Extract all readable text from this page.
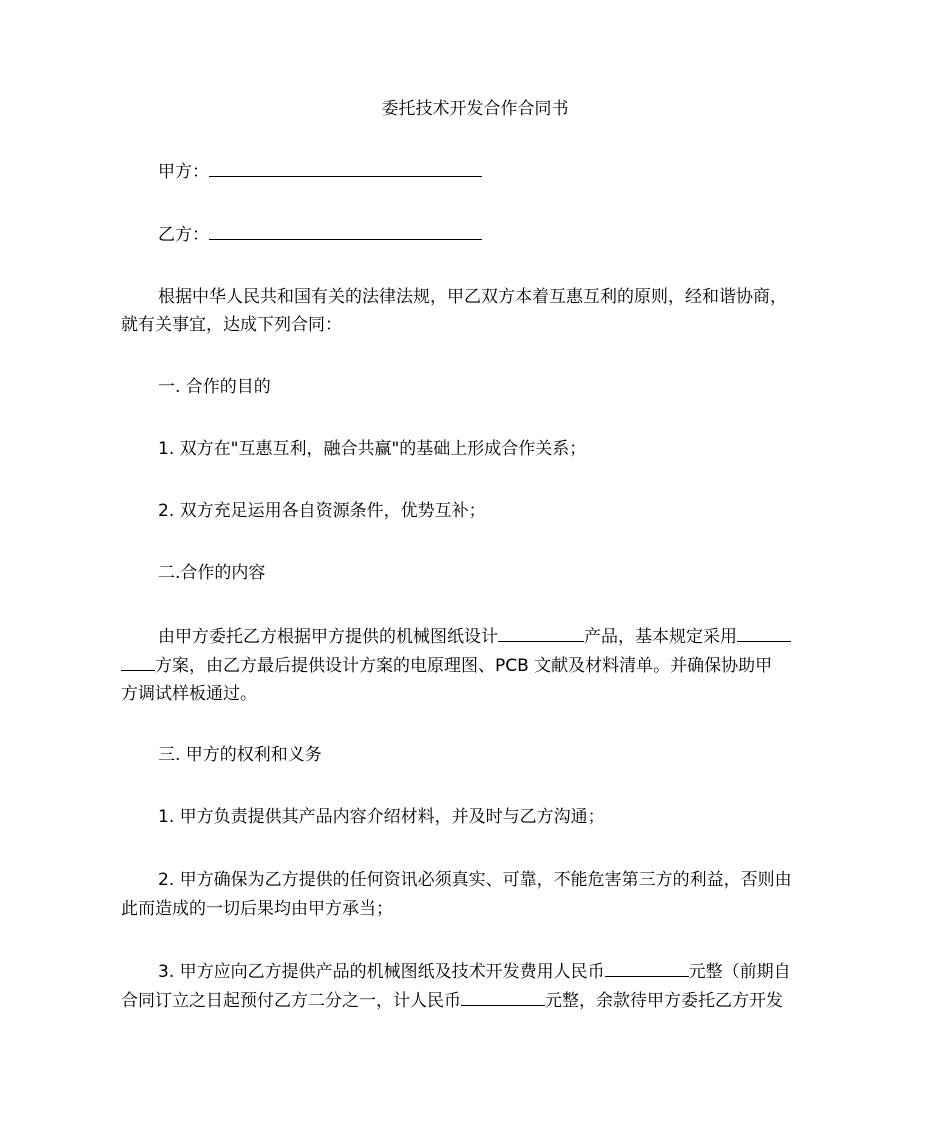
委托技术开发合作合同书
甲方：
乙方：
根据中华人民共和国有关的法律法规，甲乙双方本着互惠互利的原则，经和谐协商，
就有关事宜，达成下列合同：
一. 合作的目的
1. 双方在"互惠互利，融合共赢"的基础上形成合作关系；
2. 双方充足运用各自资源条件，优势互补；
二.合作的内容
由甲方委托乙方根据甲方提供的机械图纸设计	产品，基本规定采用
方案，由乙方最后提供设计方案的电原理图、PCB 文献及材料清单。并确保协助甲
方调试样板通过。
三. 甲方的权利和义务
1. 甲方负责提供其产品内容介绍材料，并及时与乙方沟通；
2. 甲方确保为乙方提供的任何资讯必须真实、可靠，不能危害第三方的利益，否则由
此而造成的一切后果均由甲方承当；
3. 甲方应向乙方提供产品的机械图纸及技术开发费用人民币	元整（前期自
合同订立之日起预付乙方二分之一，计人民币	元整，余款待甲方委托乙方开发
